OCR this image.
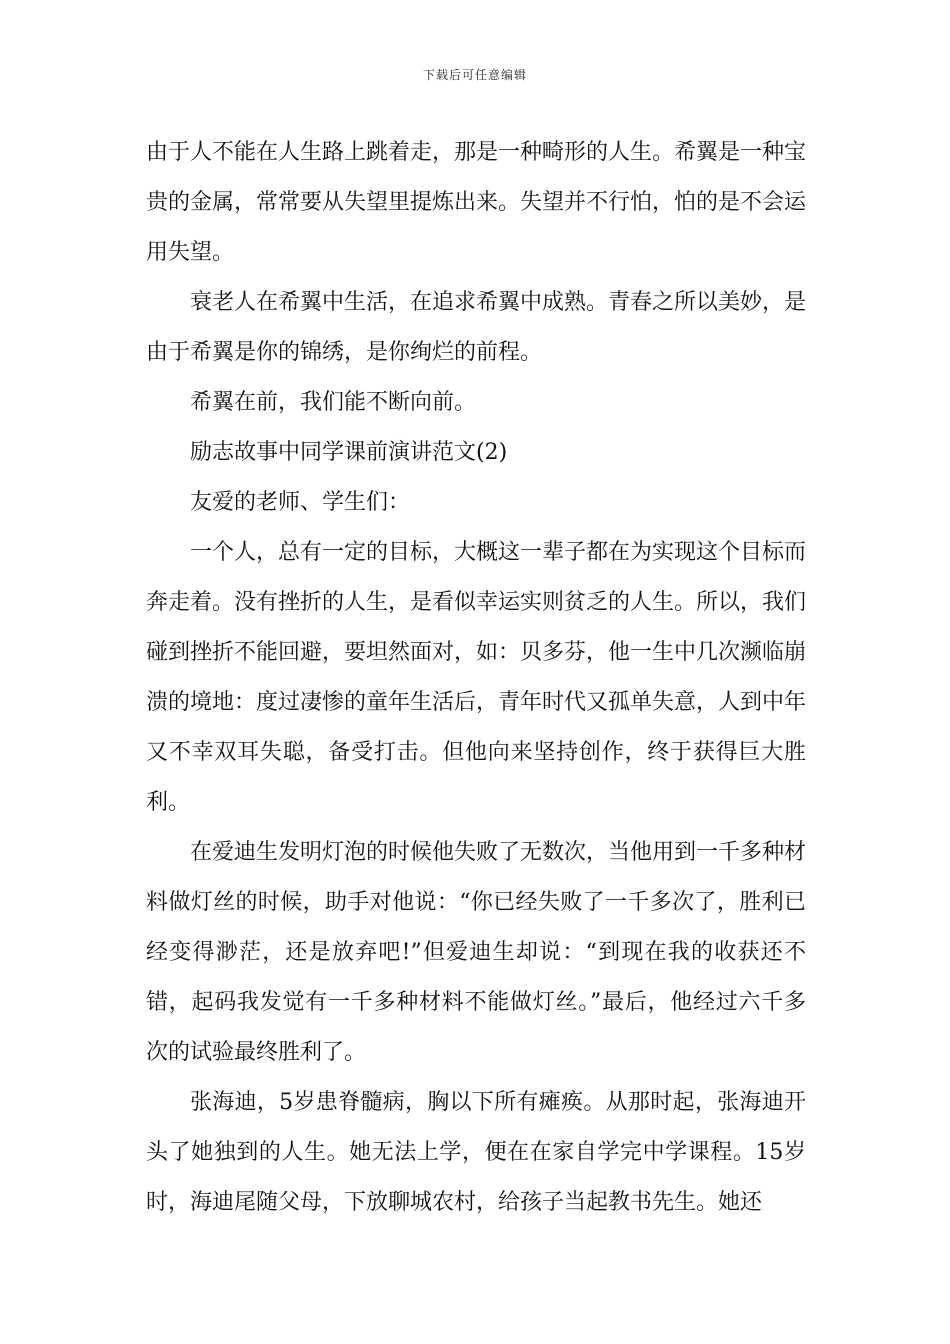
下载后可任意编辑

由于人不能在人生路上跳着走，那是一种畸形的人生。希翼是一种宝贵的金属，常常要从失望里提炼出来。失望并不行怕，怕的是不会运用失望。

衰老人在希翼中生活，在追求希翼中成熟。青春之所以美妙，是由于希翼是你的锦绣，是你绚烂的前程。

希翼在前，我们能不断向前。

励志故事中同学课前演讲范文(2)

友爱的老师、学生们：

一个人，总有一定的目标，大概这一辈子都在为实现这个目标而奔走着。没有挫折的人生，是看似幸运实则贫乏的人生。所以，我们碰到挫折不能回避，要坦然面对，如：贝多芬，他一生中几次濒临崩溃的境地：度过凄惨的童年生活后，青年时代又孤单失意，人到中年又不幸双耳失聪，备受打击。但他向来坚持创作，终于获得巨大胜利。

在爱迪生发明灯泡的时候他失败了无数次，当他用到一千多种材料做灯丝的时候，助手对他说：“你已经失败了一千多次了，胜利已经变得渺茫，还是放弃吧!”但爱迪生却说：“到现在我的收获还不错，起码我发觉有一千多种材料不能做灯丝。”最后，他经过六千多次的试验最终胜利了。

张海迪，5岁患脊髓病，胸以下所有瘫痪。从那时起，张海迪开头了她独到的人生。她无法上学，便在在家自学完中学课程。15岁时，海迪尾随父母，下放聊城农村，给孩子当起教书先生。她还
